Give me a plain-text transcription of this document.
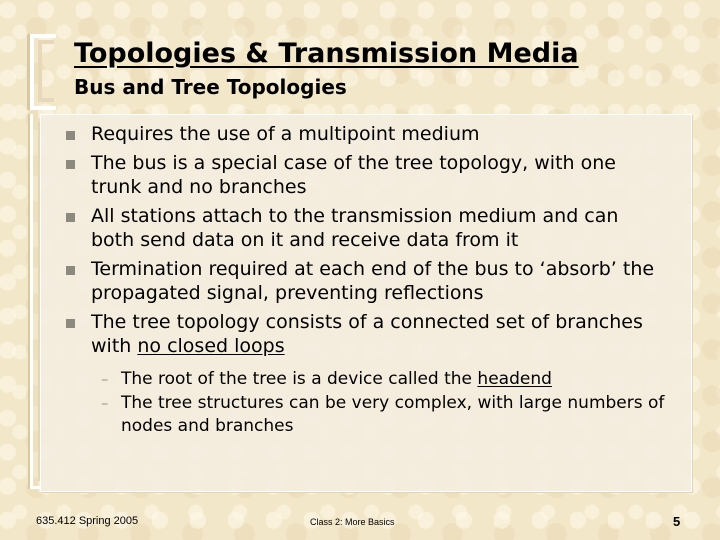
Topologies & Transmission Media
Bus and Tree Topologies
Requires the use of a multipoint medium
The bus is a special case of the tree topology, with one trunk and no branches
All stations attach to the transmission medium and can both send data on it and receive data from it
Termination required at each end of the bus to ‘absorb’ the propagated signal, preventing reflections
The tree topology consists of a connected set of branches with no closed loops
– The root of the tree is a device called the headend
– The tree structures can be very complex, with large numbers of nodes and branches
635.412 Spring 2005	Class 2: More Basics	5
